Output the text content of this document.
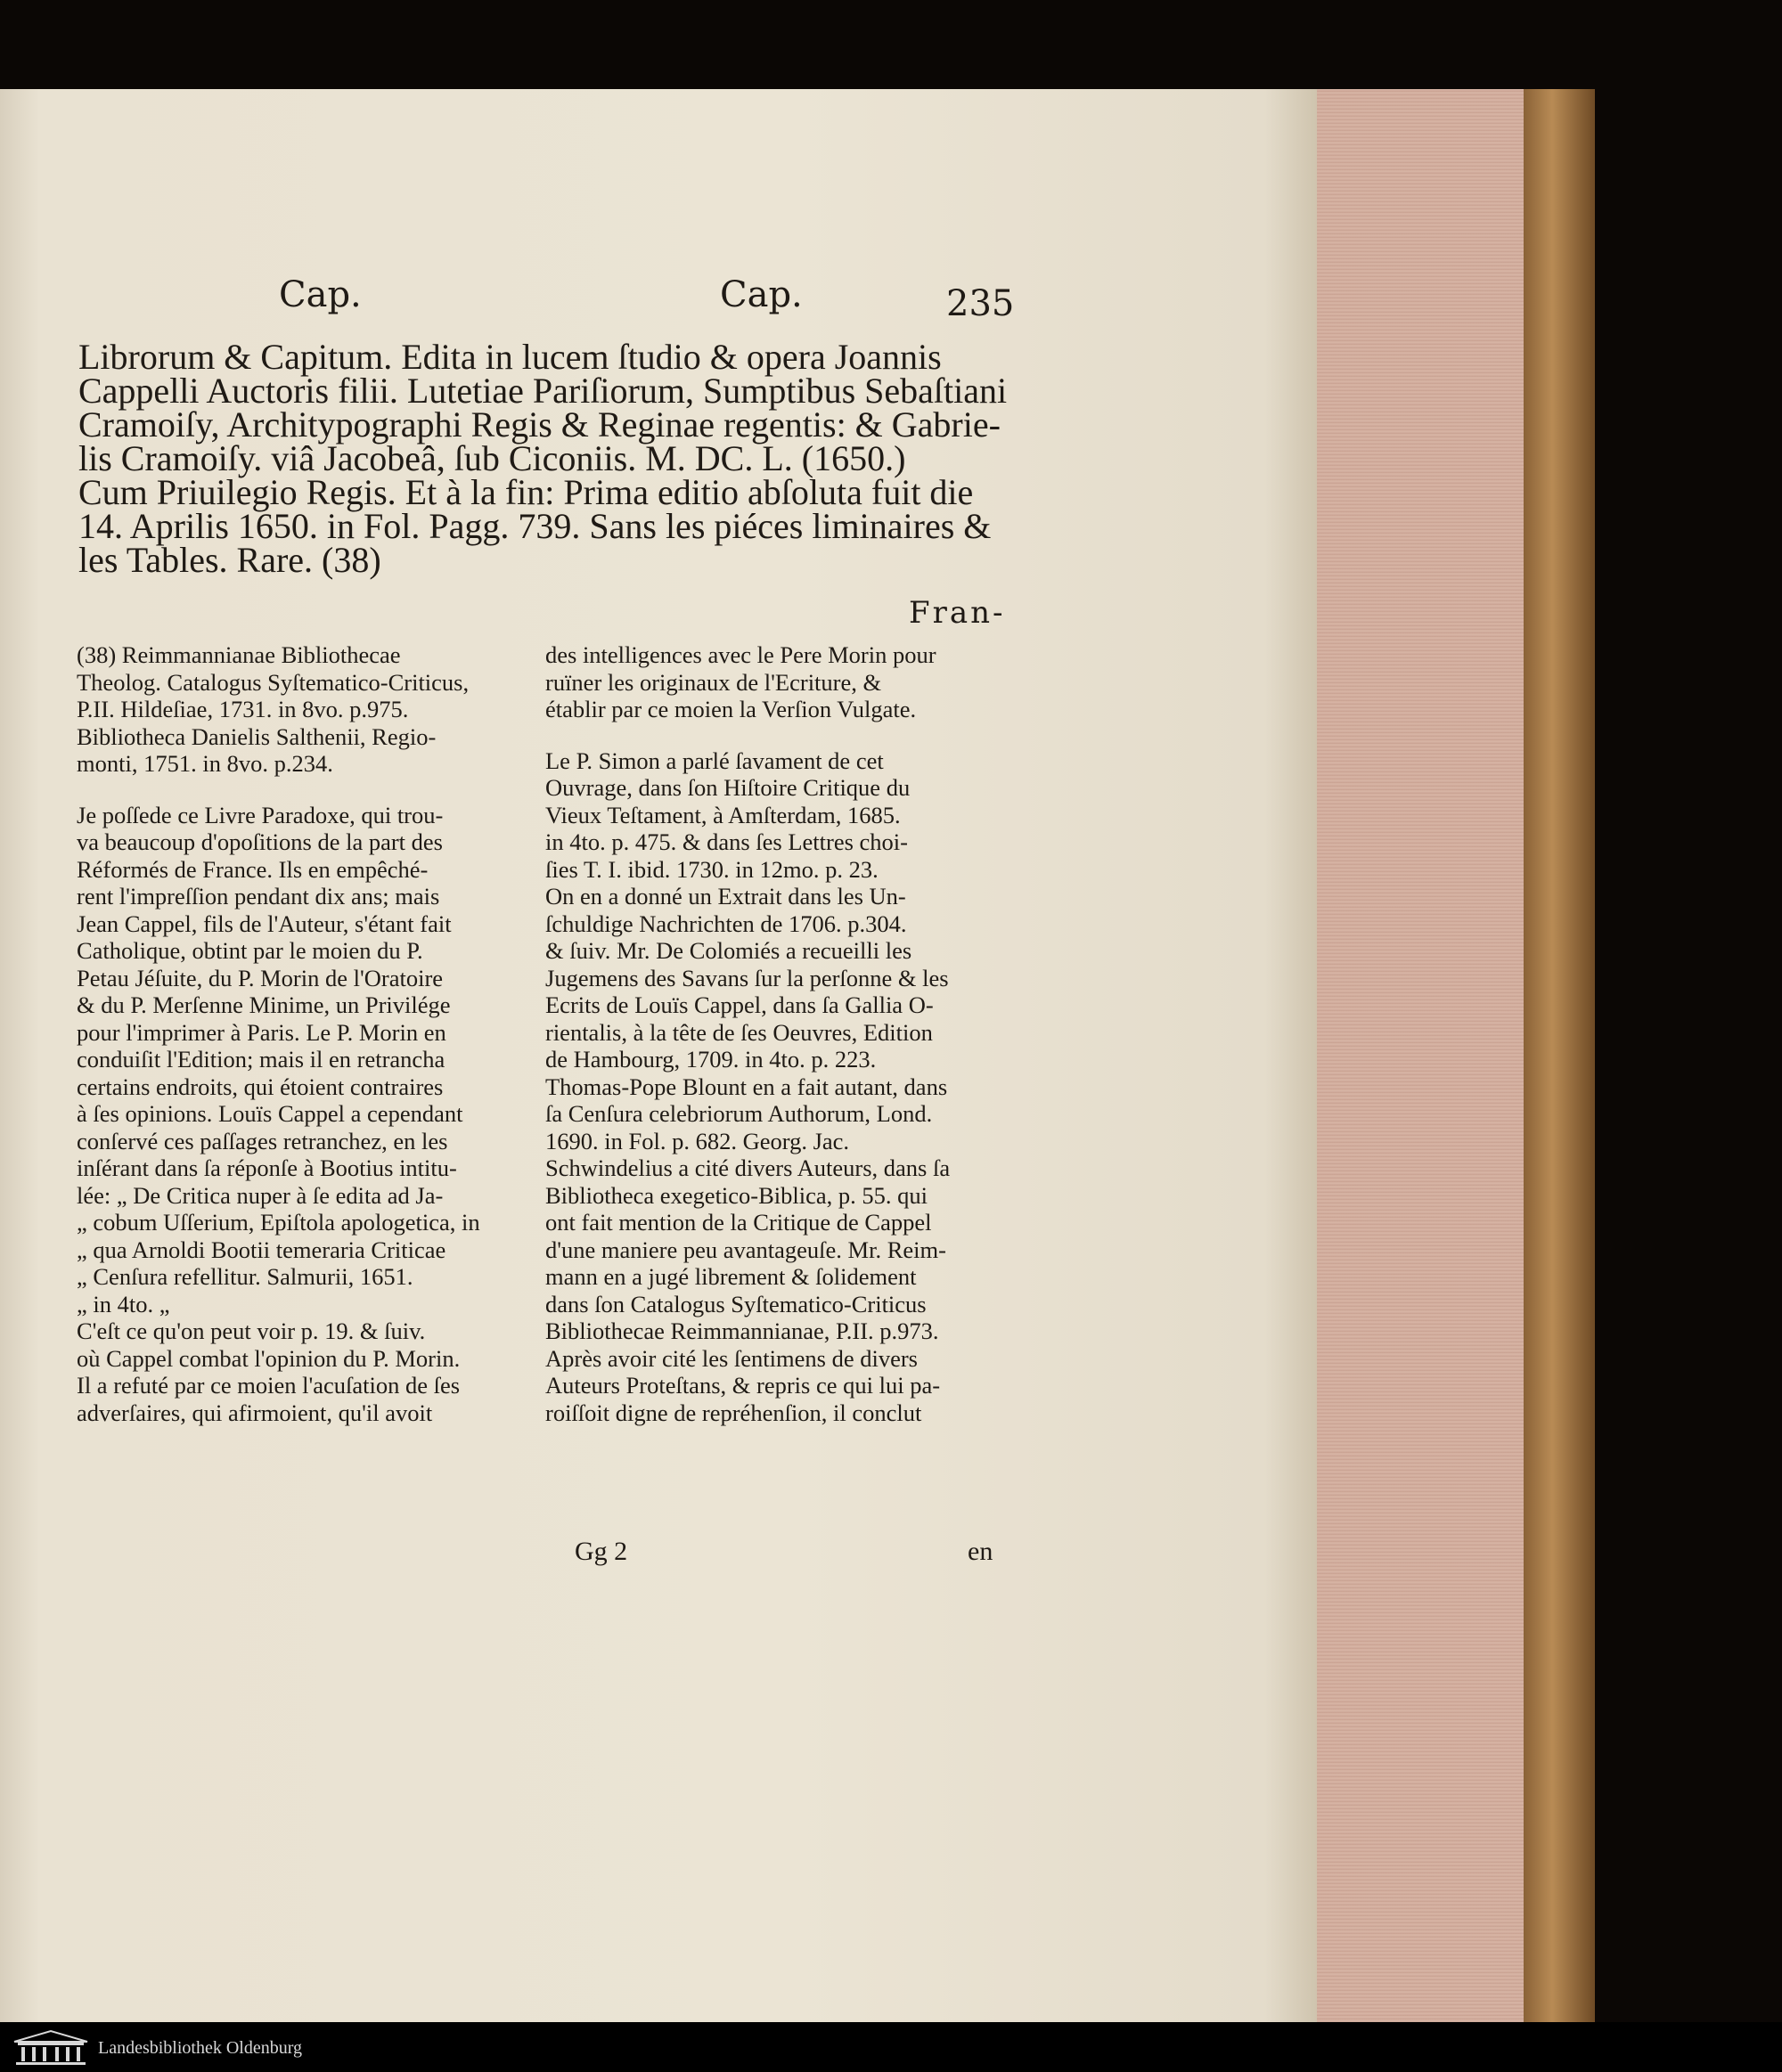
Cap.	Cap.	235
Librorum & Capitum. Edita in lucem ſtudio & opera Joannis
Cappelli Auctoris filii. Lutetiae Pariſiorum, Sumptibus Sebaſtiani
Cramoiſy, Architypographi Regis & Reginae regentis: & Gabrie-
lis Cramoiſy. viâ Jacobeâ, ſub Ciconiis. M. DC. L. (1650.)
Cum Priuilegio Regis. Et à la fin: Prima editio abſoluta fuit die
14. Aprilis 1650. in Fol. Pagg. 739. Sans les piéces liminaires &
les Tables. Rare. (38)
Fran-
(38) Reimmannianae Bibliothecae
Theolog. Catalogus Syſtematico-Criticus,
P.II. Hildeſiae, 1731. in 8vo. p.975.
Bibliotheca Danielis Salthenii, Regio-
monti, 1751. in 8vo. p.234.
Je poſſede ce Livre Paradoxe, qui trou-
va beaucoup d'opoſitions de la part des
Réformés de France. Ils en empêché-
rent l'impreſſion pendant dix ans; mais
Jean Cappel, fils de l'Auteur, s'étant fait
Catholique, obtint par le moien du P.
Petau Jéſuite, du P. Morin de l'Oratoire
& du P. Merſenne Minime, un Privilége
pour l'imprimer à Paris. Le P. Morin en
conduiſit l'Edition; mais il en retrancha
certains endroits, qui étoient contraires
à ſes opinions. Louïs Cappel a cependant
conſervé ces paſſages retranchez, en les
inſérant dans ſa réponſe à Bootius intitu-
lée: „ De Critica nuper à ſe edita ad Ja-
„ cobum Uſſerium, Epiſtola apologetica, in
„ qua Arnoldi Bootii temeraria Criticae
„ Cenſura refellitur. Salmurii, 1651.
„ in 4to. „
C'eſt ce qu'on peut voir p. 19. & ſuiv.
où Cappel combat l'opinion du P. Morin.
Il a refuté par ce moien l'acuſation de ſes
adverſaires, qui afirmoient, qu'il avoit
des intelligences avec le Pere Morin pour
ruïner les originaux de l'Ecriture, &
établir par ce moien la Verſion Vulgate.
Le P. Simon a parlé ſavament de cet
Ouvrage, dans ſon Hiſtoire Critique du
Vieux Teſtament, à Amſterdam, 1685.
in 4to. p. 475. & dans ſes Lettres choi-
ſies T. I. ibid. 1730. in 12mo. p. 23.
On en a donné un Extrait dans les Un-
ſchuldige Nachrichten de 1706. p.304.
& ſuiv. Mr. De Colomiés a recueilli les
Jugemens des Savans ſur la perſonne & les
Ecrits de Louïs Cappel, dans ſa Gallia O-
rientalis, à la tête de ſes Oeuvres, Edition
de Hambourg, 1709. in 4to. p. 223.
Thomas-Pope Blount en a fait autant, dans
ſa Cenſura celebriorum Authorum, Lond.
1690. in Fol. p. 682. Georg. Jac.
Schwindelius a cité divers Auteurs, dans ſa
Bibliotheca exegetico-Biblica, p. 55. qui
ont fait mention de la Critique de Cappel
d'une maniere peu avantageuſe. Mr. Reim-
mann en a jugé librement & ſolidement
dans ſon Catalogus Syſtematico-Criticus
Bibliothecae Reimmannianae, P.II. p.973.
Après avoir cité les ſentimens de divers
Auteurs Proteſtans, & repris ce qui lui pa-
roiſſoit digne de repréhenſion, il conclut
Gg 2	en
Landesbibliothek Oldenburg
